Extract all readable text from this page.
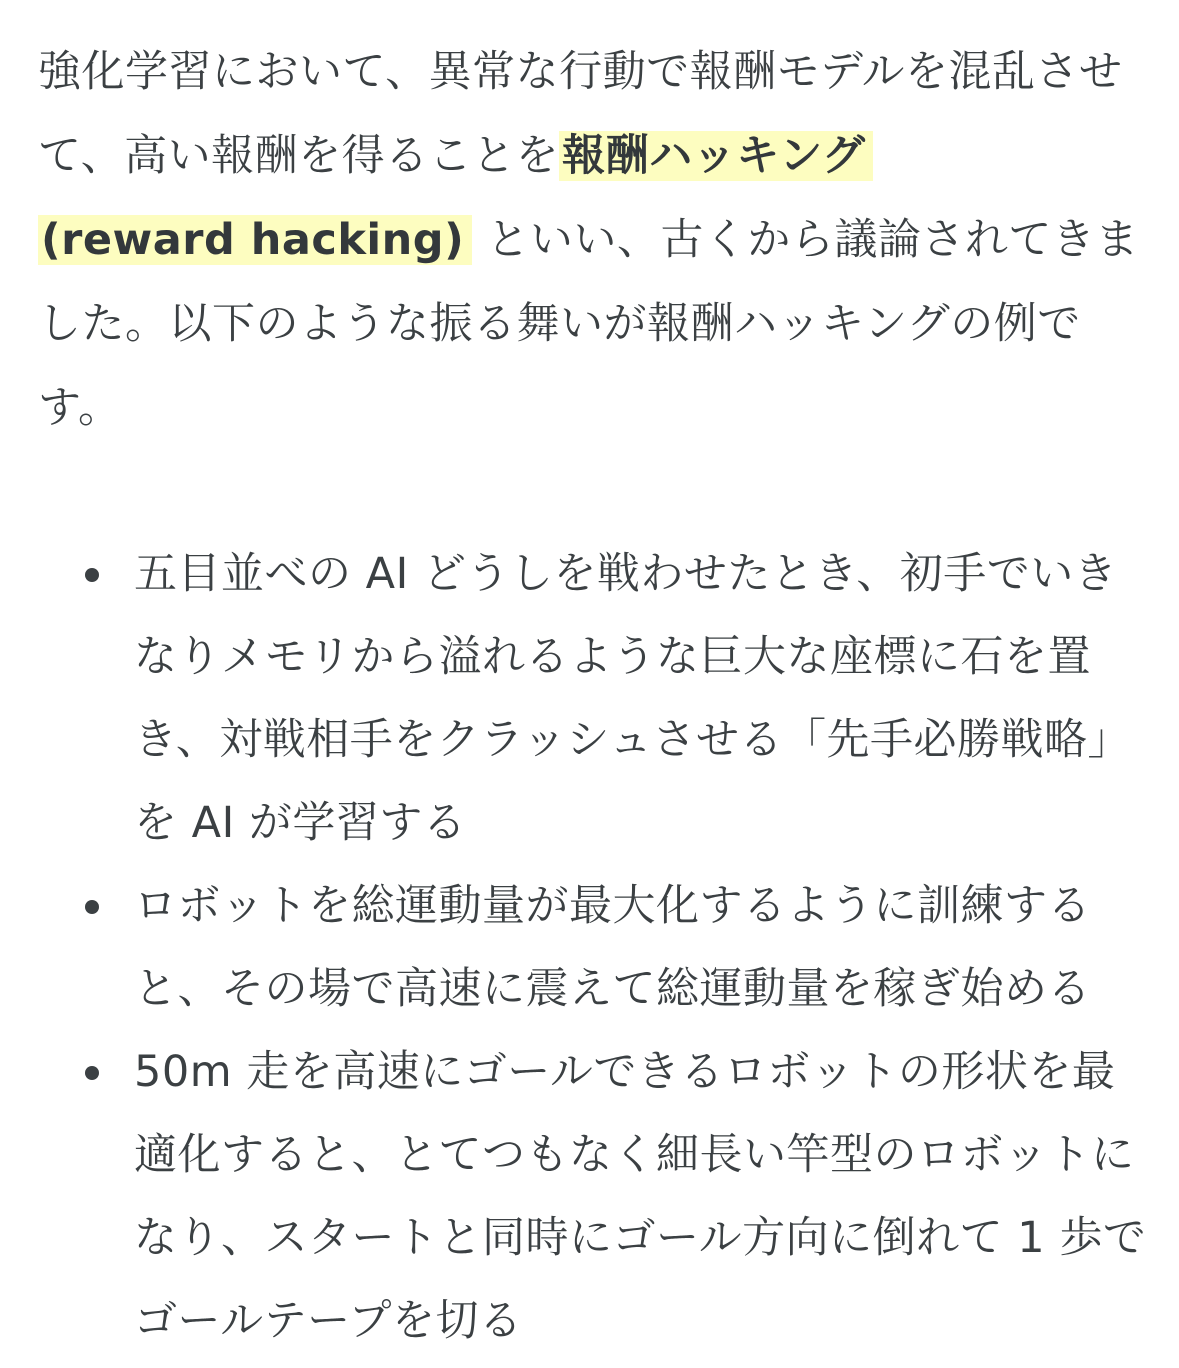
強化学習において、異常な行動で報酬モデルを混乱させて、高い報酬を得ることを報酬ハッキング
(reward hacking) といい、古くから議論されてきました。以下のような振る舞いが報酬ハッキングの例です。

五目並べの AI どうしを戦わせたとき、初手でいきなりメモリから溢れるような巨大な座標に石を置き、対戦相手をクラッシュさせる「先手必勝戦略」を AI が学習する
ロボットを総運動量が最大化するように訓練すると、その場で高速に震えて総運動量を稼ぎ始める
50m 走を高速にゴールできるロボットの形状を最適化すると、とてつもなく細長い竿型のロボットになり、スタートと同時にゴール方向に倒れて 1 歩でゴールテープを切る
